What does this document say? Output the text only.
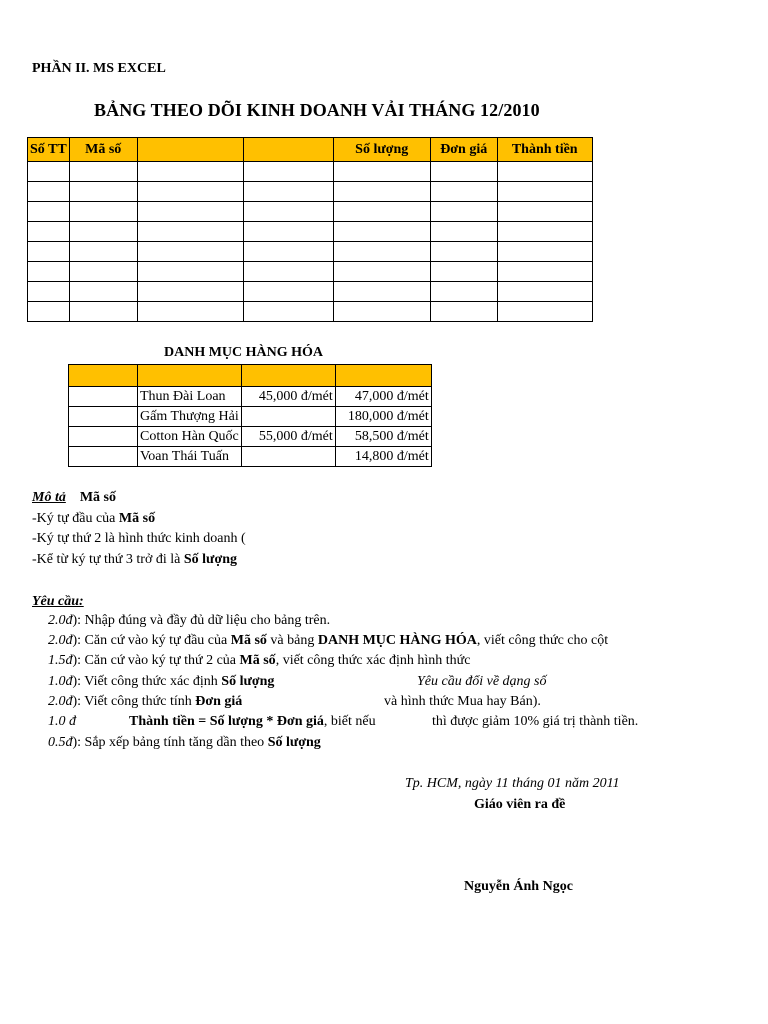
PHẦN II. MS EXCEL
BẢNG THEO DÕI KINH DOANH VẢI THÁNG 12/2010
Số TT	Mã số			Số lượng	Đơn giá	Thành tiền

DANH MỤC HÀNG HÓA

	Thun Đài Loan	45,000 đ/mét	47,000 đ/mét
	Gấm Thượng Hải		180,000 đ/mét
	Cotton Hàn Quốc	55,000 đ/mét	58,500 đ/mét
	Voan Thái Tuấn		14,800 đ/mét
Mô tả Mã số
-Ký tự đầu của Mã số
-Ký tự thứ 2 là hình thức kinh doanh (
-Kể từ ký tự thứ 3 trở đi là Số lượng
Yêu cầu:
2.0đ): Nhập đúng và đầy đủ dữ liệu cho bảng trên.
2.0đ): Căn cứ vào ký tự đầu của Mã số và bảng DANH MỤC HÀNG HÓA, viết công thức cho cột
1.5đ): Căn cứ vào ký tự thứ 2 của Mã số, viết công thức xác định hình thức
1.0đ): Viết công thức xác định Số lượng	Yêu cầu đổi về dạng số
2.0đ): Viết công thức tính Đơn giá	và hình thức Mua hay Bán).
1.0 đ	Thành tiền = Số lượng * Đơn giá, biết nếu	thì được giảm 10% giá trị thành tiền.
0.5đ): Sắp xếp bảng tính tăng dần theo Số lượng
Tp. HCM, ngày 11 tháng 01 năm 2011
Giáo viên ra đề
Nguyễn Ánh Ngọc
